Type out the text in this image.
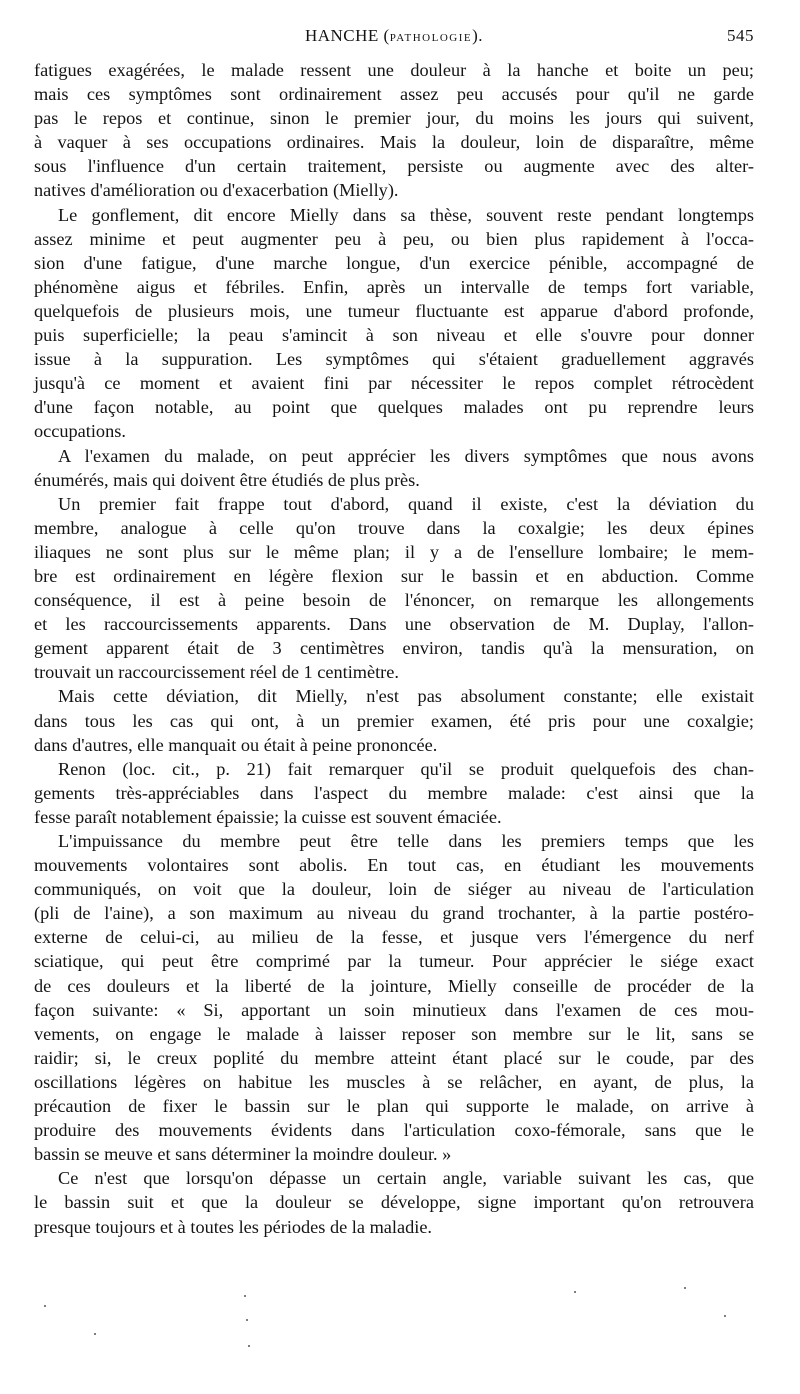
HANCHE (PATHOLOGIE).	545

fatigues exagérées, le malade ressent une douleur à la hanche et boite un peu;
mais ces symptômes sont ordinairement assez peu accusés pour qu'il ne garde
pas le repos et continue, sinon le premier jour, du moins les jours qui suivent,
à vaquer à ses occupations ordinaires. Mais la douleur, loin de disparaître, même
sous l'influence d'un certain traitement, persiste ou augmente avec des alter-
natives d'amélioration ou d'exacerbation (Mielly).

Le gonflement, dit encore Mielly dans sa thèse, souvent reste pendant longtemps
assez minime et peut augmenter peu à peu, ou bien plus rapidement à l'occa-
sion d'une fatigue, d'une marche longue, d'un exercice pénible, accompagné de
phénomène aigus et fébriles. Enfin, après un intervalle de temps fort variable,
quelquefois de plusieurs mois, une tumeur fluctuante est apparue d'abord profonde,
puis superficielle; la peau s'amincit à son niveau et elle s'ouvre pour donner
issue à la suppuration. Les symptômes qui s'étaient graduellement aggravés
jusqu'à ce moment et avaient fini par nécessiter le repos complet rétrocèdent
d'une façon notable, au point que quelques malades ont pu reprendre leurs
occupations.

A l'examen du malade, on peut apprécier les divers symptômes que nous avons
énumérés, mais qui doivent être étudiés de plus près.

Un premier fait frappe tout d'abord, quand il existe, c'est la déviation du
membre, analogue à celle qu'on trouve dans la coxalgie; les deux épines
iliaques ne sont plus sur le même plan; il y a de l'ensellure lombaire; le mem-
bre est ordinairement en légère flexion sur le bassin et en abduction. Comme
conséquence, il est à peine besoin de l'énoncer, on remarque les allongements
et les raccourcissements apparents. Dans une observation de M. Duplay, l'allon-
gement apparent était de 3 centimètres environ, tandis qu'à la mensuration, on
trouvait un raccourcissement réel de 1 centimètre.

Mais cette déviation, dit Mielly, n'est pas absolument constante; elle existait
dans tous les cas qui ont, à un premier examen, été pris pour une coxalgie;
dans d'autres, elle manquait ou était à peine prononcée.

Renon (loc. cit., p. 21) fait remarquer qu'il se produit quelquefois des chan-
gements très-appréciables dans l'aspect du membre malade: c'est ainsi que la
fesse paraît notablement épaissie; la cuisse est souvent émaciée.

L'impuissance du membre peut être telle dans les premiers temps que les
mouvements volontaires sont abolis. En tout cas, en étudiant les mouvements
communiqués, on voit que la douleur, loin de siéger au niveau de l'articulation
(pli de l'aine), a son maximum au niveau du grand trochanter, à la partie postéro-
externe de celui-ci, au milieu de la fesse, et jusque vers l'émergence du nerf
sciatique, qui peut être comprimé par la tumeur. Pour apprécier le siége exact
de ces douleurs et la liberté de la jointure, Mielly conseille de procéder de la
façon suivante: « Si, apportant un soin minutieux dans l'examen de ces mou-
vements, on engage le malade à laisser reposer son membre sur le lit, sans se
raidir; si, le creux poplité du membre atteint étant placé sur le coude, par des
oscillations légères on habitue les muscles à se relâcher, en ayant, de plus, la
précaution de fixer le bassin sur le plan qui supporte le malade, on arrive à
produire des mouvements évidents dans l'articulation coxo-fémorale, sans que le
bassin se meuve et sans déterminer la moindre douleur. »

Ce n'est que lorsqu'on dépasse un certain angle, variable suivant les cas, que
le bassin suit et que la douleur se développe, signe important qu'on retrouvera
presque toujours et à toutes les périodes de la maladie.
